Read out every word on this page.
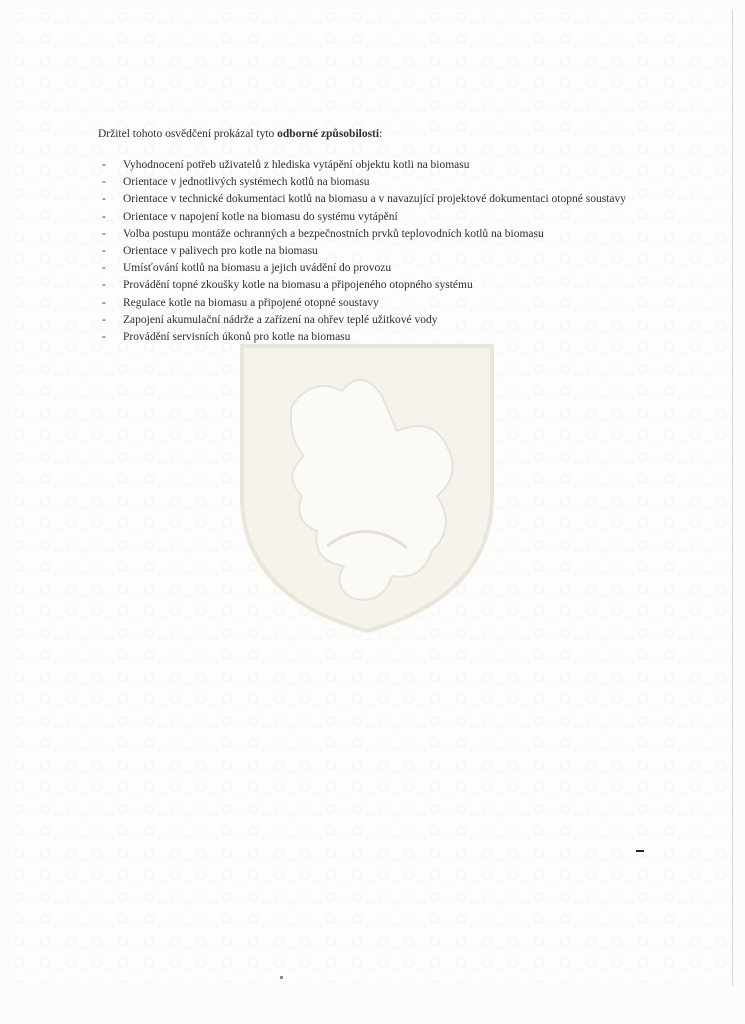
Držitel tohoto osvědčení prokázal tyto odborné způsobilosti:

- Vyhodnocení potřeb uživatelů z hlediska vytápění objektu kotli na biomasu
- Orientace v jednotlivých systémech kotlů na biomasu
- Orientace v technické dokumentaci kotlů na biomasu a v navazující projektové dokumentaci otopné soustavy
- Orientace v napojení kotle na biomasu do systému vytápění
- Volba postupu montáže ochranných a bezpečnostních prvků teplovodních kotlů na biomasu
- Orientace v palivech pro kotle na biomasu
- Umísťování kotlů na biomasu a jejich uvádění do provozu
- Provádění topné zkoušky kotle na biomasu a připojeného otopného systému
- Regulace kotle na biomasu a připojené otopné soustavy
- Zapojení akumulační nádrže a zařízení na ohřev teplé užitkové vody
- Provádění servisních úkonů pro kotle na biomasu
